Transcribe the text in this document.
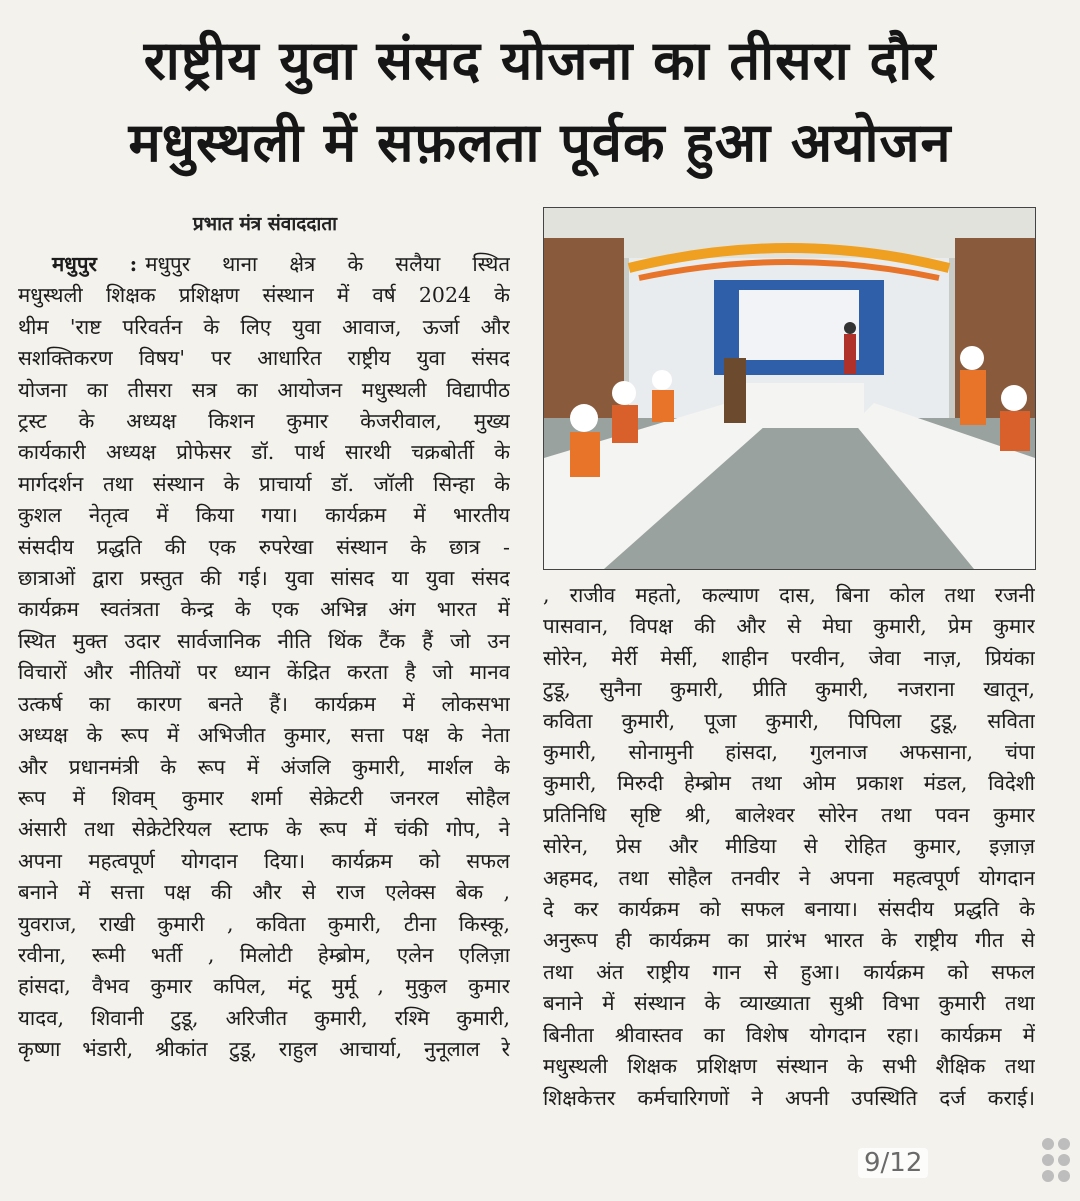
राष्ट्रीय युवा संसद योजना का तीसरा दौर
मधुस्थली में सफ़लता पूर्वक हुआ अयोजन
प्रभात मंत्र संवाददाता
मधुपुर : मधुपुर थाना क्षेत्र के सलैया स्थित
मधुस्थली शिक्षक प्रशिक्षण संस्थान में वर्ष 2024 के
थीम 'राष्ट परिवर्तन के लिए युवा आवाज, ऊर्जा और
सशक्तिकरण विषय' पर आधारित राष्ट्रीय युवा संसद
योजना का तीसरा सत्र का आयोजन मधुस्थली विद्यापीठ
ट्रस्ट के अध्यक्ष किशन कुमार केजरीवाल, मुख्य
कार्यकारी अध्यक्ष प्रोफेसर डॉ. पार्थ सारथी चक्रबोर्ती के
मार्गदर्शन तथा संस्थान के प्राचार्या डॉ. जॉली सिन्हा के
कुशल नेतृत्व में किया गया। कार्यक्रम में भारतीय
संसदीय प्रद्धति की एक रुपरेखा संस्थान के छात्र -
छात्राओं द्वारा प्रस्तुत की गई। युवा सांसद या युवा संसद
कार्यक्रम स्वतंत्रता केन्द्र के एक अभिन्न अंग भारत में
स्थित मुक्त उदार सार्वजानिक नीति थिंक टैंक हैं जो उन
विचारों और नीतियों पर ध्यान केंद्रित करता है जो मानव
उत्कर्ष का कारण बनते हैं। कार्यक्रम में लोकसभा
अध्यक्ष के रूप में अभिजीत कुमार, सत्ता पक्ष के नेता
और प्रधानमंत्री के रूप में अंजलि कुमारी, मार्शल के
रूप में शिवम् कुमार शर्मा सेक्रेटरी जनरल सोहैल
अंसारी तथा सेक्रेटेरियल स्टाफ के रूप में चंकी गोप, ने
अपना महत्वपूर्ण योगदान दिया। कार्यक्रम को सफल
बनाने में सत्ता पक्ष की और से राज एलेक्स बेक ,
युवराज, राखी कुमारी , कविता कुमारी, टीना किस्कू,
रवीना, रूमी भर्ती , मिलोटी हेम्ब्रोम, एलेन एलिज़ा
हांसदा, वैभव कुमार कपिल, मंटू मुर्मू , मुकुल कुमार
यादव, शिवानी टुडू, अरिजीत कुमारी, रश्मि कुमारी,
कृष्णा भंडारी, श्रीकांत टुडू, राहुल आचार्या, नुनूलाल रे
, राजीव महतो, कल्याण दास, बिना कोल तथा रजनी
पासवान, विपक्ष की और से मेघा कुमारी, प्रेम कुमार
सोरेन, मेर्री मेर्सी, शाहीन परवीन, जेवा नाज़, प्रियंका
टुडू, सुनैना कुमारी, प्रीति कुमारी, नजराना खातून,
कविता कुमारी, पूजा कुमारी, पिपिला टुडू, सविता
कुमारी, सोनामुनी हांसदा, गुलनाज अफसाना, चंपा
कुमारी, मिरुदी हेम्ब्रोम तथा ओम प्रकाश मंडल, विदेशी
प्रतिनिधि सृष्टि श्री, बालेश्वर सोरेन तथा पवन कुमार
सोरेन, प्रेस और मीडिया से रोहित कुमार, इज़ाज़
अहमद, तथा सोहैल तनवीर ने अपना महत्वपूर्ण योगदान
दे कर कार्यक्रम को सफल बनाया। संसदीय प्रद्धति के
अनुरूप ही कार्यक्रम का प्रारंभ भारत के राष्ट्रीय गीत से
तथा अंत राष्ट्रीय गान से हुआ। कार्यक्रम को सफल
बनाने में संस्थान के व्याख्याता सुश्री विभा कुमारी तथा
बिनीता श्रीवास्तव का विशेष योगदान रहा। कार्यक्रम में
मधुस्थली शिक्षक प्रशिक्षण संस्थान के सभी शैक्षिक तथा
शिक्षकेत्तर कर्मचारिगणों ने अपनी उपस्थिति दर्ज कराई।
9/12
